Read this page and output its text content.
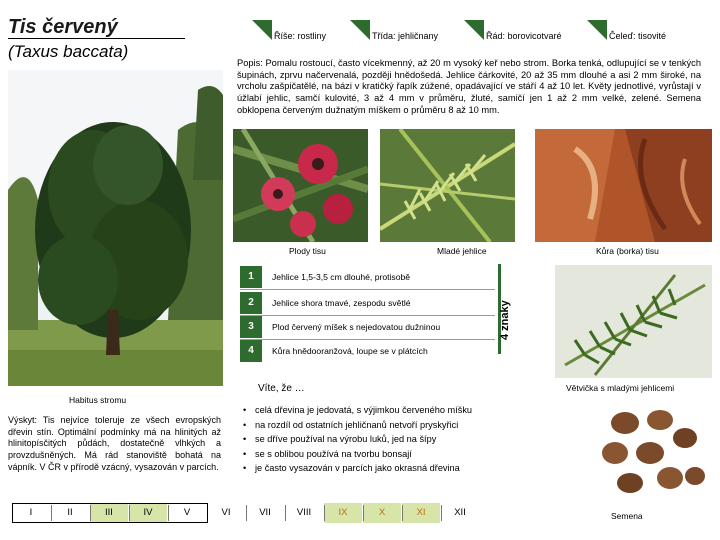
Tis červený
(Taxus baccata)
Říše: rostliny	Třída: jehličnany	Řád: borovicotvaré	Čeleď: tisovité
Popis: Pomalu rostoucí, často vícekmenný, až 20 m vysoký keř nebo strom. Borka tenká, odlupující se v tenkých šupinách, zprvu načervenalá, později hnědošedá. Jehlice čárkovité, 20 až 35 mm dlouhé a asi 2 mm široké, na vrcholu zašpičatělé, na bázi v kratičký řapík zúžené, opadávající ve stáří 4 až 10 let. Květy jednotlivé, vyrůstají v úžlabí jehlic, samčí kulovité, 3 až 4 mm v průměru, žluté, samičí jen 1 až 2 mm velké, zelené. Semena obklopena červeným dužnatým míškem o průměru 8 až 10 mm.
Habitus stromu
Plody tisu	Mladé jehlice	Kůra (borka) tisu
Větvička s mladými jehlicemi
Semena
1	Jehlice 1,5-3,5 cm dlouhé, protisobě
2	Jehlice shora tmavé, zespodu světlé
3	Plod červený míšek s nejedovatou dužninou
4	Kůra hnědooranžová, loupe se v plátcích
4 znaky
Víte, že …
• celá dřevina je jedovatá, s výjimkou červeného míšku
• na rozdíl od ostatních jehličnanů netvoří pryskyřici
• se dříve používal na výrobu luků, jed na šípy
• se s oblibou používá na tvorbu bonsají
• je často vysazován v parcích jako okrasná dřevina
Výskyt: Tis nejvíce toleruje ze všech evropských dřevin stín. Optimální podmínky má na hlinitých až hlinitopísčitých půdách, dostatečně vlhkých a provzdušněných. Má rád stanoviště bohatá na vápník. V ČR v přírodě vzácný, vysazován v parcích.
I	II	III	IV	V	VI	VII	VIII	IX	X	XI	XII
